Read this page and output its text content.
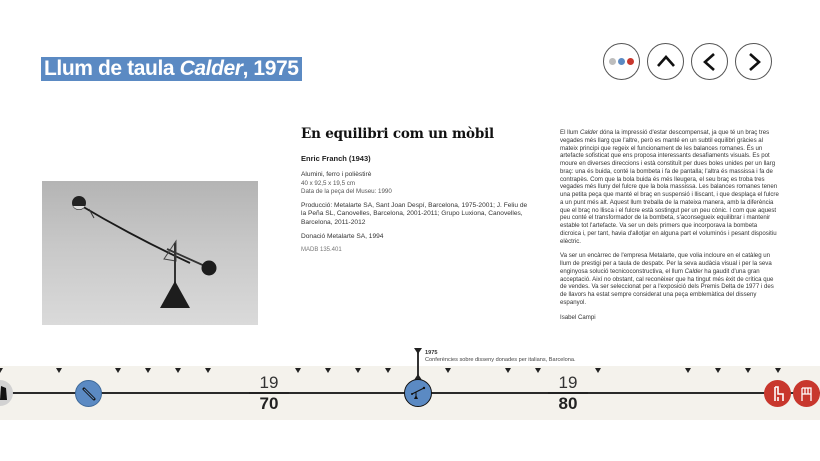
Llum de taula Calder, 1975
En equilibri com un mòbil
Enric Franch (1943)

Alumini, ferro i polièstirè

40 x 92,5 x 19,5 cm

Data de la peça del Museu: 1990

Producció: Metalarte SA, Sant Joan Despí, Barcelona, 1975-2001; J. Feliu de la Peña SL, Canovelles, Barcelona, 2001-2011; Grupo Luxiona, Canovelles, Barcelona, 2011-2012

Donació Metalarte SA, 1994

MADB 135.401

El llum Calder dóna la impressió d'estar descompensat, ja que té un braç tres vegades més llarg que l'altre, però es manté en un subtil equilibri gràcies al mateix principi que regeix el funcionament de les balances romanes. És un artefacte sofisticat que ens proposa interessants desafiaments visuals. Es pot moure en diverses direccions i està constituït per dues boles unides per un llarg braç: una és buida, conté la bombeta i fa de pantalla; l'altra és massissa i fa de contrapès. Com que la bola buida és més lleugera, el seu braç es troba tres vegades més lluny del fulcre que la bola massissa. Les balances romanes tenen una petita peça que manté el braç en suspensió i lliscant, i que desplaça el fulcre a un punt més alt. Aquest llum treballa de la mateixa manera, amb la diferència que el braç no llisca i el fulcre està sostingut per un peu cònic. I com que aquest peu conté el transformador de la bombeta, s'aconsegueix equilibrar i mantenir estable tot l'artefacte. Va ser un dels primers que incorporava la bombeta dicroica i, per tant, havia d'allotjar en alguna part el voluminós i pesant dispositiu elèctric.

Va ser un encàrrec de l'empresa Metalarte, que volia incloure en el catàleg un llum de prestigi per a taula de despatx. Per la seva audàcia visual i per la seva enginyosa solució tecnicoconstructiva, el llum Calder ha gaudit d'una gran acceptació. Així no obstant, cal reconèixer que ha tingut més èxit de crítica que de vendes. Va ser seleccionat per a l'exposició dels Premis Delta de 1977 i des de llavors ha estat sempre considerat una peça emblemàtica del disseny espanyol.

Isabel Campi

19
70
19
80
1975
Conferències sobre disseny donades per italians, Barcelona.
